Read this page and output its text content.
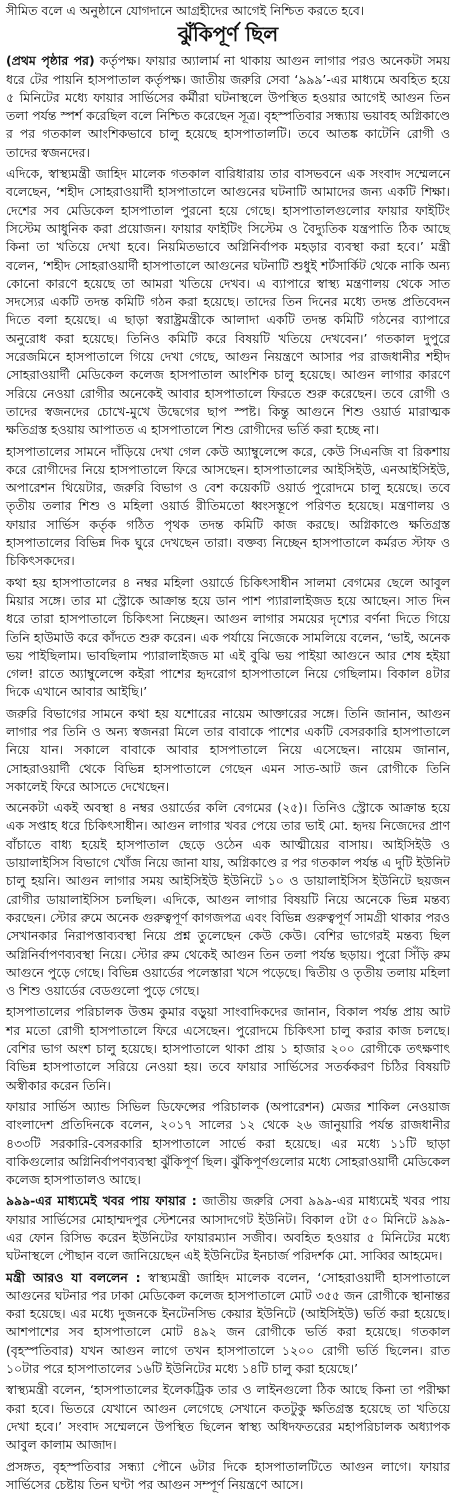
সীমিত বলে এ অনুষ্ঠানে যোগদানে আগ্রহীদের আগেই নিশ্চিত করতে হবে।

ঝুঁকিপূর্ণ ছিল

(প্রথম পৃষ্ঠার পর) কর্তৃপক্ষ। ফায়ার অ্যালার্ম না থাকায় আগুন লাগার পরও অনেকটা সময় ধরে টের পায়নি হাসপাতাল কর্তৃপক্ষ। জাতীয় জরুরি সেবা ‘৯৯৯’-এর মাধ্যমে অবহিত হয়ে ৫ মিনিটের মধ্যে ফায়ার সার্ভিসের কর্মীরা ঘটনাস্থলে উপস্থিত হওয়ার আগেই আগুন তিন তলা পর্যন্ত স্পর্শ করেছিল বলে নিশ্চিত করেছেন সূত্র। বৃহস্পতিবার সন্ধ্যায় ভয়াবহ অগ্নিকাণ্ডে র পর গতকাল আংশিকভাবে চালু হয়েছে হাসপাতালটি। তবে আতঙ্ক কাটেনি রোগী ও তাদের স্বজনদের।

এদিকে, স্বাস্থ্যমন্ত্রী জাহিদ মালেক গতকাল বারিধারায় তার বাসভবনে এক সংবাদ সম্মেলনে বলেছেন, ‘শহীদ সোহরাওয়ার্দী হাসপাতালে আগুনের ঘটনাটি আমাদের জন্য একটি শিক্ষা। দেশের সব মেডিকেল হাসপাতাল পুরনো হয়ে গেছে। হাসপাতালগুলোর ফায়ার ফাইটিং সিস্টেম আধুনিক করা প্রয়োজন। ফায়ার ফাইটিং সিস্টেম ও বৈদ্যুতিক যন্ত্রপাতি ঠিক আছে কিনা তা খতিয়ে দেখা হবে। নিয়মিতভাবে অগ্নিনির্বাপক মহড়ার ব্যবস্থা করা হবে।’ মন্ত্রী বলেন, ‘শহীদ সোহরাওয়ার্দী হাসপাতালে আগুনের ঘটনাটি শুধুই শর্টসার্কিট থেকে নাকি অন্য কোনো কারণে হয়েছে তা আমরা খতিয়ে দেখব। এ ব্যাপারে স্বাস্থ্য মন্ত্রণালয় থেকে সাত সদস্যের একটি তদন্ত কমিটি গঠন করা হয়েছে। তাদের তিন দিনের মধ্যে তদন্ত প্রতিবেদন দিতে বলা হয়েছে। এ ছাড়া স্বরাষ্ট্রমন্ত্রীকে আলাদা একটি তদন্ত কমিটি গঠনের ব্যাপারে অনুরোধ করা হয়েছে। তিনিও কমিটি করে বিষয়টি খতিয়ে দেখবেন।’ গতকাল দুপুরে সরেজমিনে হাসপাতালে গিয়ে দেখা গেছে, আগুন নিয়ন্ত্রণে আসার পর রাজধানীর শহীদ সোহরাওয়ার্দী মেডিকেল কলেজ হাসপাতাল আংশিক চালু হয়েছে। আগুন লাগার কারণে সরিয়ে নেওয়া রোগীর অনেকেই আবার হাসপাতালে ফিরতে শুরু করেছেন। তবে রোগী ও তাদের স্বজনদের চোখে-মুখে উদ্বেগের ছাপ স্পষ্ট। কিন্তু আগুনে শিশু ওয়ার্ড মারাত্মক ক্ষতিগ্রস্ত হওয়ায় আপাতত এ হাসপাতালে শিশু রোগীদের ভর্তি করা হচ্ছে না।

হাসপাতালের সামনে দাঁড়িয়ে দেখা গেল কেউ অ্যাম্বুলেন্সে করে, কেউ সিএনজি বা রিকশায় করে রোগীদের নিয়ে হাসপাতালে ফিরে আসছেন। হাসপাতালের আইসিইউ, এনআইসিইউ, অপারেশন থিয়েটার, জরুরি বিভাগ ও বেশ কয়েকটি ওয়ার্ড পুরোদমে চালু হয়েছে। তবে তৃতীয় তলার শিশু ও মহিলা ওয়ার্ড রীতিমতো ধ্বংসস্তূপে পরিণত হয়েছে। মন্ত্রণালয় ও ফায়ার সার্ভিস কর্তৃক গঠিত পৃথক তদন্ত কমিটি কাজ করছে। অগ্নিকাণ্ডে ক্ষতিগ্রস্ত হাসপাতালের বিভিন্ন দিক ঘুরে দেখছেন তারা। বক্তব্য নিচ্ছেন হাসপাতালে কর্মরত স্টাফ ও চিকিৎসকদের।

কথা হয় হাসপাতালের ৪ নম্বর মহিলা ওয়ার্ডে চিকিৎসাধীন সালমা বেগমের ছেলে আবুল মিয়ার সঙ্গে। তার মা স্ট্রোকে আক্রান্ত হয়ে ডান পাশ প্যারালাইজড হয়ে আছেন। সাত দিন ধরে তারা হাসপাতালে চিকিৎসা নিচ্ছেন। আগুন লাগার সময়ের দৃশ্যের বর্ণনা দিতে গিয়ে তিনি হাউমাউ করে কাঁদতে শুরু করেন। এক পর্যায়ে নিজেকে সামলিয়ে বলেন, ‘ভাই, অনেক ভয় পাইছিলাম। ভাবছিলাম প্যারালাইজড মা এই বুঝি ভয় পাইয়া আগুনে আর শেষ হইয়া গেল! রাতে অ্যাম্বুলেন্সে কইরা পাশের হৃদরোগ হাসপাতালে নিয়ে গেছিলাম। বিকাল ৪টার দিকে এখানে আবার আইছি।’

জরুরি বিভাগের সামনে কথা হয় যশোরের নায়েম আক্তারের সঙ্গে। তিনি জানান, আগুন লাগার পর তিনি ও অন্য স্বজনরা মিলে তার বাবাকে পাশের একটি বেসরকারি হাসপাতালে নিয়ে যান। সকালে বাবাকে আবার হাসপাতালে নিয়ে এসেছেন। নায়েম জানান, সোহরাওয়ার্দী থেকে বিভিন্ন হাসপাতালে গেছেন এমন সাত-আট জন রোগীকে তিনি সকালেই ফিরে আসতে দেখেছেন।

অনেকটা একই অবস্থা ৪ নম্বর ওয়ার্ডের কলি বেগমের (২৫)। তিনিও স্ট্রোকে আক্রান্ত হয়ে এক সপ্তাহ ধরে চিকিৎসাধীন। আগুন লাগার খবর পেয়ে তার ভাই মো. হৃদয় নিজেদের প্রাণ বাঁচাতে বাধ্য হয়েই হাসপাতাল ছেড়ে ওঠেন এক আত্মীয়ের বাসায়। আইসিইউ ও ডায়ালাইসিস বিভাগে খোঁজ নিয়ে জানা যায়, অগ্নিকাণ্ডে র পর গতকাল পর্যন্ত এ দুটি ইউনিট চালু হয়নি। আগুন লাগার সময় আইসিইউ ইউনিটে ১০ ও ডায়ালাইসিস ইউনিটে ছয়জন রোগীর ডায়ালাইসিস চলছিল। এদিকে, আগুন লাগার বিষয়টি নিয়ে অনেকে ভিন্ন মন্তব্য করছেন। স্টোর রুমে অনেক গুরুত্বপূর্ণ কাগজপত্র এবং বিভিন্ন গুরুত্বপূর্ণ সামগ্রী থাকার পরও সেখানকার নিরাপত্তাব্যবস্থা নিয়ে প্রশ্ন তুলেছেন কেউ কেউ। বেশির ভাগেরই মন্তব্য ছিল অগ্নিনির্বাপণব্যবস্থা নিয়ে। স্টোর রুম থেকেই আগুন তিন তলা পর্যন্ত ছড়ায়। পুরো সিঁড়ি রুম আগুনে পুড়ে গেছে। বিভিন্ন ওয়ার্ডের পলেস্তারা খসে পড়েছে। দ্বিতীয় ও তৃতীয় তলায় মহিলা ও শিশু ওয়ার্ডের বেডগুলো পুড়ে গেছে।

হাসপাতালের পরিচালক উত্তম কুমার বড়ুয়া সাংবাদিকদের জানান, বিকাল পর্যন্ত প্রায় আট শর মতো রোগী হাসপাতালে ফিরে এসেছেন। পুরোদমে চিকিৎসা চালু করার কাজ চলছে। বেশির ভাগ অংশ চালু হয়েছে। হাসপাতালে থাকা প্রায় ১ হাজার ২০০ রোগীকে তৎক্ষণাৎ বিভিন্ন হাসপাতালে সরিয়ে নেওয়া হয়। তবে ফায়ার সার্ভিসের সতর্ককরণ চিঠির বিষয়টি অস্বীকার করেন তিনি।

ফায়ার সার্ভিস অ্যান্ড সিভিল ডিফেন্সের পরিচালক (অপারেশন) মেজর শাকিল নেওয়াজ বাংলাদেশ প্রতিদিনকে বলেন, ২০১৭ সালের ১২ থেকে ২৬ জানুয়ারি পর্যন্ত রাজধানীর ৪৩৩টি সরকারি-বেসরকারি হাসপাতালে সার্ভে করা হয়েছে। এর মধ্যে ১১টি ছাড়া বাকিগুলোর অগ্নিনির্বাপণব্যবস্থা ঝুঁকিপূর্ণ ছিল। ঝুঁকিপূর্ণগুলোর মধ্যে সোহরাওয়ার্দী মেডিকেল কলেজ হাসপাতালও আছে।

৯৯৯-এর মাধ্যমেই খবর পায় ফায়ার : জাতীয় জরুরি সেবা ৯৯৯-এর মাধ্যমেই খবর পায় ফায়ার সার্ভিসের মোহাম্মদপুর স্টেশনের আসাদগেট ইউনিট। বিকাল ৫টা ৫০ মিনিটে ৯৯৯-এর ফোন রিসিভ করেন ইউনিটের ফায়ারম্যান সজীব। অবহিত হওয়ার ৫ মিনিটের মধ্যে ঘটনাস্থলে পৌছান বলে জানিয়েছেন এই ইউনিটের ইনচার্জ পরিদর্শক মো. সাব্বির আহমেদ।

মন্ত্রী আরও যা বললেন : স্বাস্থ্যমন্ত্রী জাহিদ মালেক বলেন, ‘সোহরাওয়ার্দী হাসপাতালে আগুনের ঘটনার পর ঢাকা মেডিকেল কলেজ হাসপাতালে মোট ৩৫৫ জন রোগীকে স্থানান্তর করা হয়েছে। এর মধ্যে দুজনকে ইনটেনসিভ কেয়ার ইউনিটে (আইসিইউ) ভর্তি করা হয়েছে। আশপাশের সব হাসপাতালে মোট ৪৯২ জন রোগীকে ভর্তি করা হয়েছে। গতকাল (বৃহস্পতিবার) যখন আগুন লাগে তখন হাসপাতালে ১২০০ রোগী ভর্তি ছিলেন। রাত ১০টার পরে হাসপাতালের ১৬টি ইউনিটের মধ্যে ১৪টি চালু করা হয়েছে।’

স্বাস্থ্যমন্ত্রী বলেন, ‘হাসপাতালের ইলেকট্রিক তার ও লাইনগুলো ঠিক আছে কিনা তা পরীক্ষা করা হবে। ভিতরে যেখানে আগুন লেগেছে সেখানে কতটুকু ক্ষতিগ্রস্ত হয়েছে তা খতিয়ে দেখা হবে।’ সংবাদ সম্মেলনে উপস্থিত ছিলেন স্বাস্থ্য অধিদফতরের মহাপরিচালক অধ্যাপক আবুল কালাম আজাদ।

প্রসঙ্গত, বৃহস্পতিবার সন্ধ্যা পৌনে ৬টার দিকে হাসপাতালটিতে আগুন লাগে। ফায়ার সার্ভিসের চেষ্টায় তিন ঘণ্টা পর আগুন সম্পূর্ণ নিয়ন্ত্রণে আসে।
